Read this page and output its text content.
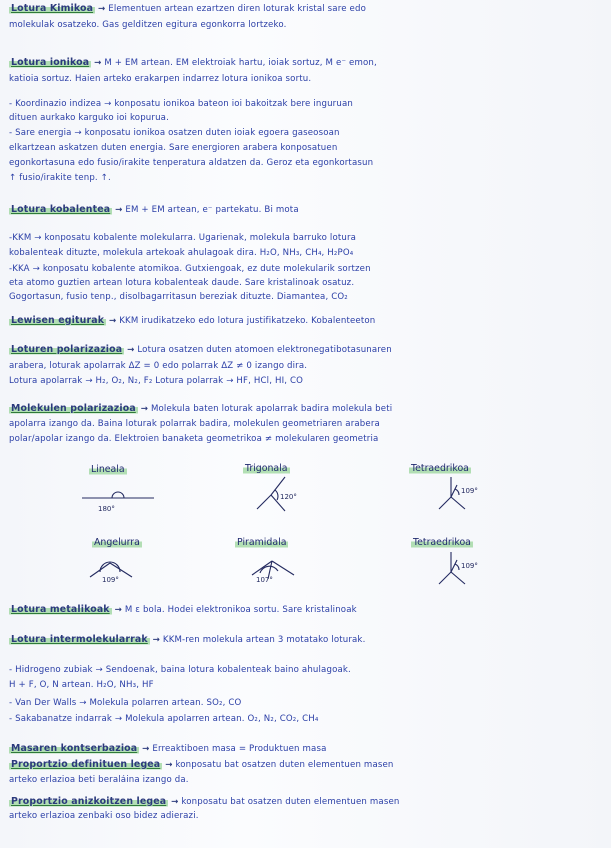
Lotura Kimikoa → Elementuen artean ezartzen diren loturak kristal sare edo
molekulak osatzeko. Gas gelditzen egitura egonkorra lortzeko.
Lotura ionikoa → M + EM artean. EM elektroiak hartu, ioiak sortuz, M e⁻ emon,
katioia sortuz. Haien arteko erakarpen indarrez lotura ionikoa sortu.
- Koordinazio indizea → konposatu ionikoa bateon ioi bakoitzak bere inguruan
dituen aurkako karguko ioi kopurua.
- Sare energia → konposatu ionikoa osatzen duten ioiak egoera gaseosoan
elkartzean askatzen duten energia. Sare energioren arabera konposatuen
egonkortasuna edo fusio/irakite tenperatura aldatzen da. Geroz eta egonkortasun
↑ fusio/irakite tenp. ↑.
Lotura kobalentea → EM + EM artean, e⁻ partekatu. Bi mota
-KKM → konposatu kobalente molekularra. Ugarienak, molekula barruko lotura
kobalenteak dituzte, molekula artekoak ahulagoak dira. H₂O, NH₃, CH₄, H₂PO₄
-KKA → konposatu kobalente atomikoa. Gutxiengoak, ez dute molekularik sortzen
eta atomo guztien artean lotura kobalenteak daude. Sare kristalinoak osatuz.
Gogortasun, fusio tenp., disolbagarritasun bereziak dituzte. Diamantea, CO₂
Lewisen egiturak → KKM irudikatzeko edo lotura justifikatzeko. Kobalenteeton
Loturen polarizazioa → Lotura osatzen duten atomoen elektronegatibotasunaren
arabera, loturak apolarrak ΔZ = 0 edo polarrak ΔZ ≠ 0 izango dira.
Lotura apolarrak → H₂, O₂, N₂, F₂ Lotura polarrak → HF, HCl, HI, CO
Molekulen polarizazioa → Molekula baten loturak apolarrak badira molekula beti
apolarra izango da. Baina loturak polarrak badira, molekulen geometriaren arabera
polar/apolar izango da. Elektroien banaketa geometrikoa ≠ molekularen geometria
Lineala
180°
Trigonala
120°
Tetraedrikoa
109°
Angelurra
109°
Piramidala
107°
Tetraedrikoa
109°
Lotura metalikoak → M ε bola. Hodei elektronikoa sortu. Sare kristalinoak
Lotura intermolekularrak → KKM-ren molekula artean 3 motatako loturak.
- Hidrogeno zubiak → Sendoenak, baina lotura kobalenteak baino ahulagoak.
H + F, O, N artean. H₂O, NH₃, HF
- Van Der Walls → Molekula polarren artean. SO₂, CO
- Sakabanatze indarrak → Molekula apolarren artean. O₂, N₂, CO₂, CH₄
Masaren kontserbazioa → Erreaktiboen masa = Produktuen masa
Proportzio definituen legea → konposatu bat osatzen duten elementuen masen
arteko erlazioa beti beraláina izango da.
Proportzio anizkoitzen legea → konposatu bat osatzen duten elementuen masen
arteko erlazioa zenbaki oso bidez adierazi.
